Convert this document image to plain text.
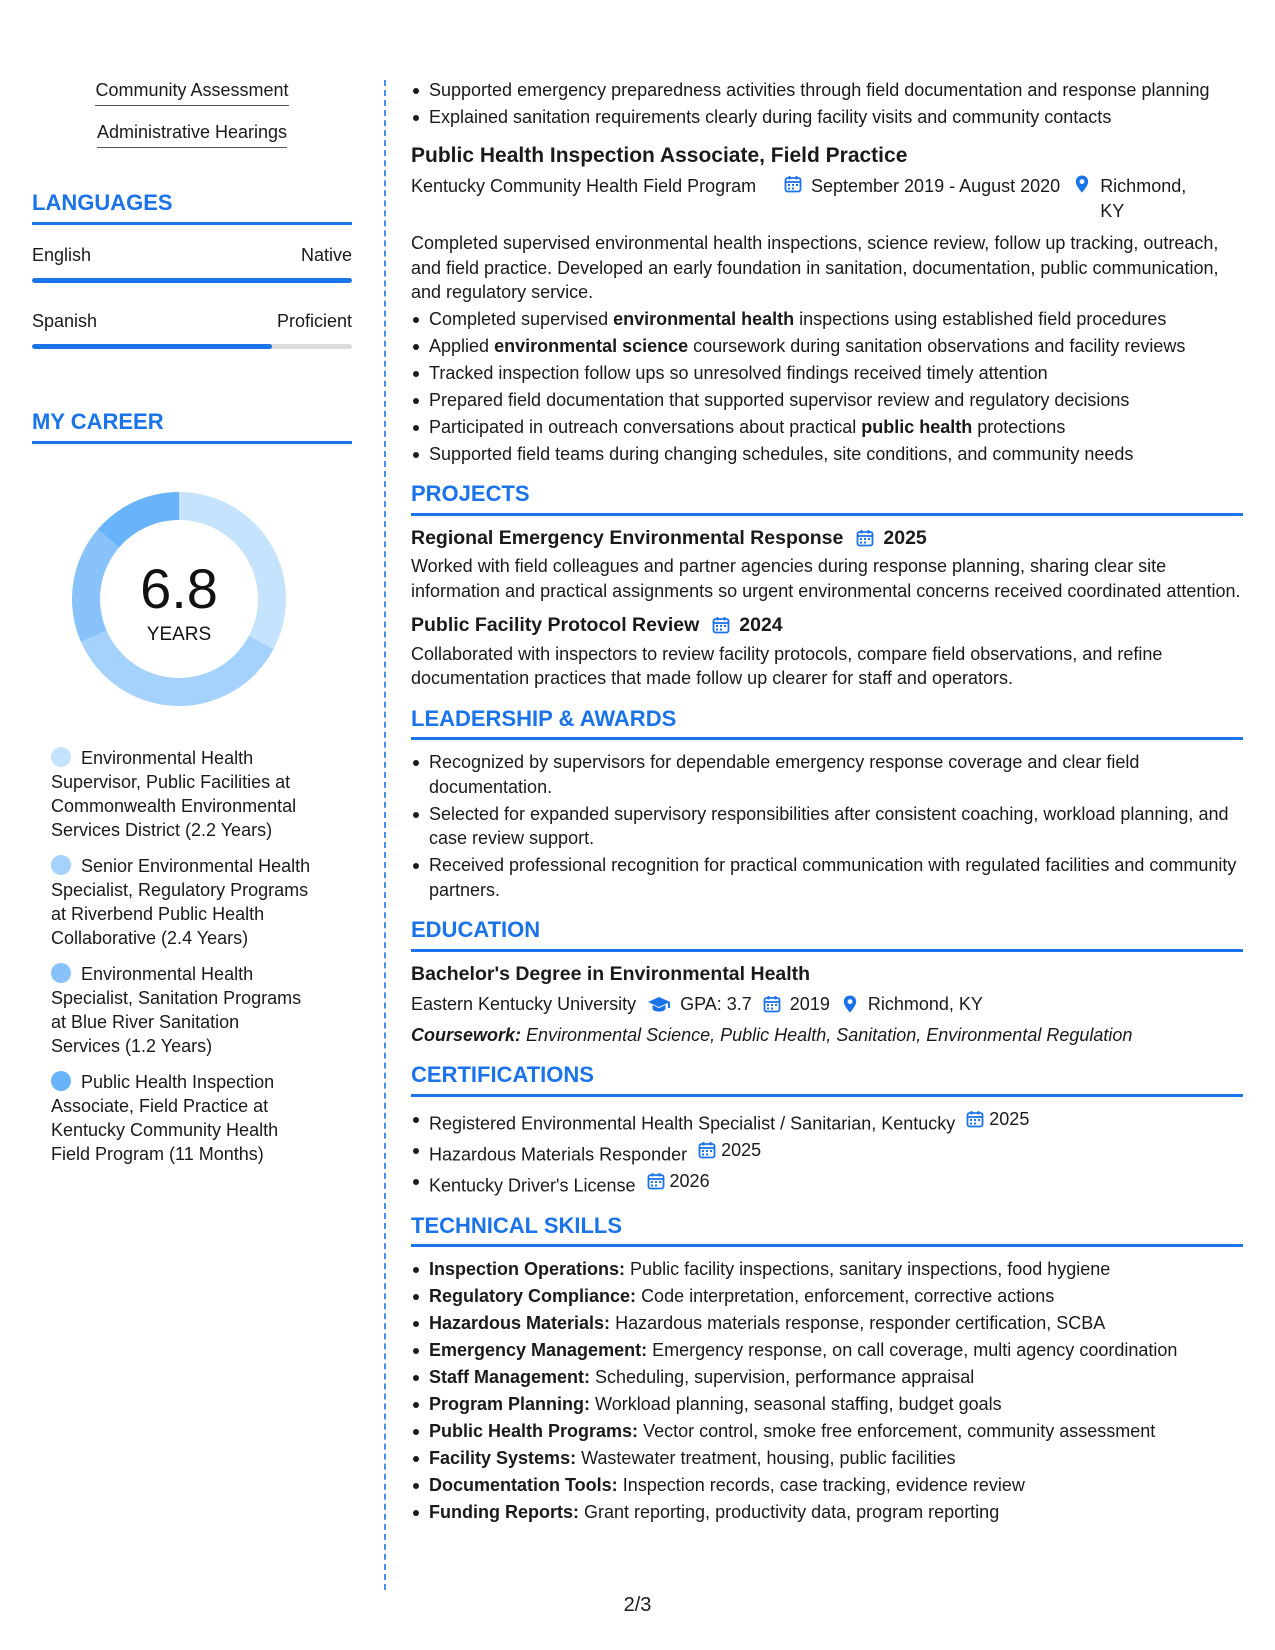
Community Assessment
Administrative Hearings
LANGUAGES
English	Native
Spanish	Proficient
MY CAREER
6.8
YEARS
Environmental Health Supervisor, Public Facilities at Commonwealth Environmental Services District (2.2 Years)
Senior Environmental Health Specialist, Regulatory Programs at Riverbend Public Health Collaborative (2.4 Years)
Environmental Health Specialist, Sanitation Programs at Blue River Sanitation Services (1.2 Years)
Public Health Inspection Associate, Field Practice at Kentucky Community Health Field Program (11 Months)
Supported emergency preparedness activities through field documentation and response planning
Explained sanitation requirements clearly during facility visits and community contacts
Public Health Inspection Associate, Field Practice
Kentucky Community Health Field Program	September 2019 - August 2020 Richmond, KY
Completed supervised environmental health inspections, science review, follow up tracking, outreach, and field practice. Developed an early foundation in sanitation, documentation, public communication, and regulatory service.
Completed supervised environmental health inspections using established field procedures
Applied environmental science coursework during sanitation observations and facility reviews
Tracked inspection follow ups so unresolved findings received timely attention
Prepared field documentation that supported supervisor review and regulatory decisions
Participated in outreach conversations about practical public health protections
Supported field teams during changing schedules, site conditions, and community needs
PROJECTS
Regional Emergency Environmental Response 2025
Worked with field colleagues and partner agencies during response planning, sharing clear site information and practical assignments so urgent environmental concerns received coordinated attention.
Public Facility Protocol Review 2024
Collaborated with inspectors to review facility protocols, compare field observations, and refine documentation practices that made follow up clearer for staff and operators.
LEADERSHIP & AWARDS
Recognized by supervisors for dependable emergency response coverage and clear field documentation.
Selected for expanded supervisory responsibilities after consistent coaching, workload planning, and case review support.
Received professional recognition for practical communication with regulated facilities and community partners.
EDUCATION
Bachelor's Degree in Environmental Health
Eastern Kentucky University GPA: 3.7 2019 Richmond, KY
Coursework: Environmental Science, Public Health, Sanitation, Environmental Regulation
CERTIFICATIONS
Registered Environmental Health Specialist / Sanitarian, Kentucky 2025
Hazardous Materials Responder 2025
Kentucky Driver's License 2026
TECHNICAL SKILLS
Inspection Operations: Public facility inspections, sanitary inspections, food hygiene
Regulatory Compliance: Code interpretation, enforcement, corrective actions
Hazardous Materials: Hazardous materials response, responder certification, SCBA
Emergency Management: Emergency response, on call coverage, multi agency coordination
Staff Management: Scheduling, supervision, performance appraisal
Program Planning: Workload planning, seasonal staffing, budget goals
Public Health Programs: Vector control, smoke free enforcement, community assessment
Facility Systems: Wastewater treatment, housing, public facilities
Documentation Tools: Inspection records, case tracking, evidence review
Funding Reports: Grant reporting, productivity data, program reporting
2/3
